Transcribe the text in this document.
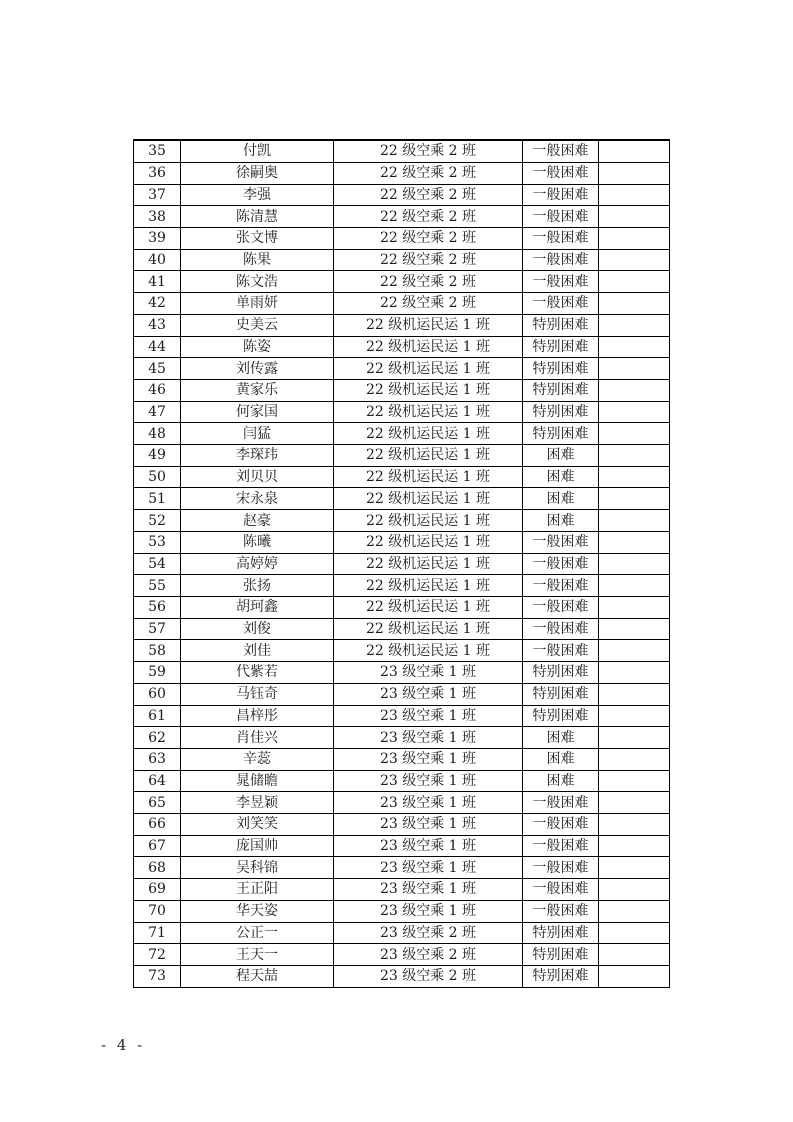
35	付凯	22 级空乘 2 班	一般困难	
36	徐嗣奥	22 级空乘 2 班	一般困难	
37	李强	22 级空乘 2 班	一般困难	
38	陈清慧	22 级空乘 2 班	一般困难	
39	张文博	22 级空乘 2 班	一般困难	
40	陈果	22 级空乘 2 班	一般困难	
41	陈文浩	22 级空乘 2 班	一般困难	
42	单雨妍	22 级空乘 2 班	一般困难	
43	史美云	22 级机运民运 1 班	特别困难	
44	陈姿	22 级机运民运 1 班	特别困难	
45	刘传露	22 级机运民运 1 班	特别困难	
46	黄家乐	22 级机运民运 1 班	特别困难	
47	何家国	22 级机运民运 1 班	特别困难	
48	闫猛	22 级机运民运 1 班	特别困难	
49	李琛玮	22 级机运民运 1 班	困难	
50	刘贝贝	22 级机运民运 1 班	困难	
51	宋永泉	22 级机运民运 1 班	困难	
52	赵豪	22 级机运民运 1 班	困难	
53	陈曦	22 级机运民运 1 班	一般困难	
54	高婷婷	22 级机运民运 1 班	一般困难	
55	张扬	22 级机运民运 1 班	一般困难	
56	胡珂鑫	22 级机运民运 1 班	一般困难	
57	刘俊	22 级机运民运 1 班	一般困难	
58	刘佳	22 级机运民运 1 班	一般困难	
59	代紫若	23 级空乘 1 班	特别困难	
60	马钰奇	23 级空乘 1 班	特别困难	
61	昌梓彤	23 级空乘 1 班	特别困难	
62	肖佳兴	23 级空乘 1 班	困难	
63	辛蕊	23 级空乘 1 班	困难	
64	晁储瞻	23 级空乘 1 班	困难	
65	李昱颖	23 级空乘 1 班	一般困难	
66	刘笑笑	23 级空乘 1 班	一般困难	
67	庞国帅	23 级空乘 1 班	一般困难	
68	吴科锦	23 级空乘 1 班	一般困难	
69	王正阳	23 级空乘 1 班	一般困难	
70	华天姿	23 级空乘 1 班	一般困难	
71	公正一	23 级空乘 2 班	特别困难	
72	王天一	23 级空乘 2 班	特别困难	
73	程天喆	23 级空乘 2 班	特别困难	
- 4 -
